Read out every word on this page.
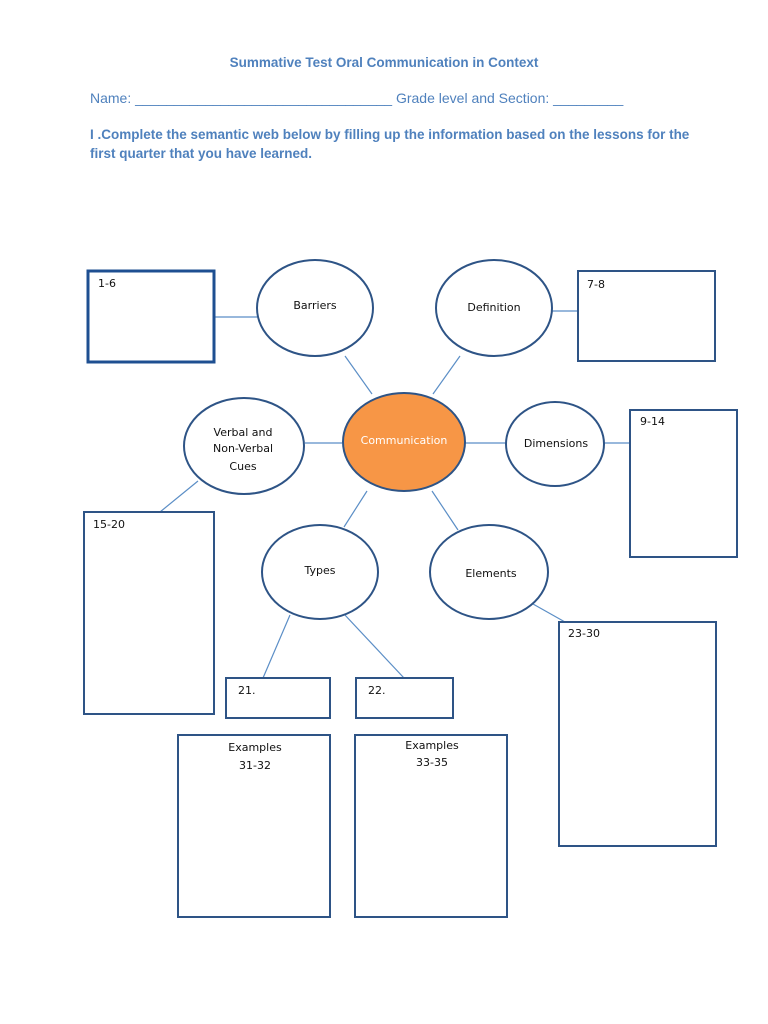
Summative Test Oral Communication in Context
Name: _________________________________ Grade level and Section: _________
I .Complete the semantic web below by filling up the information based on the lessons for the first quarter that you have learned.
1-6	7-8
9-14
15-20
23-30
21.	22.
Examples
31-32
Examples
33-35
Barriers	Definition
Verbal and
Non-Verbal
Cues
Communication	Dimensions
Types	Elements
